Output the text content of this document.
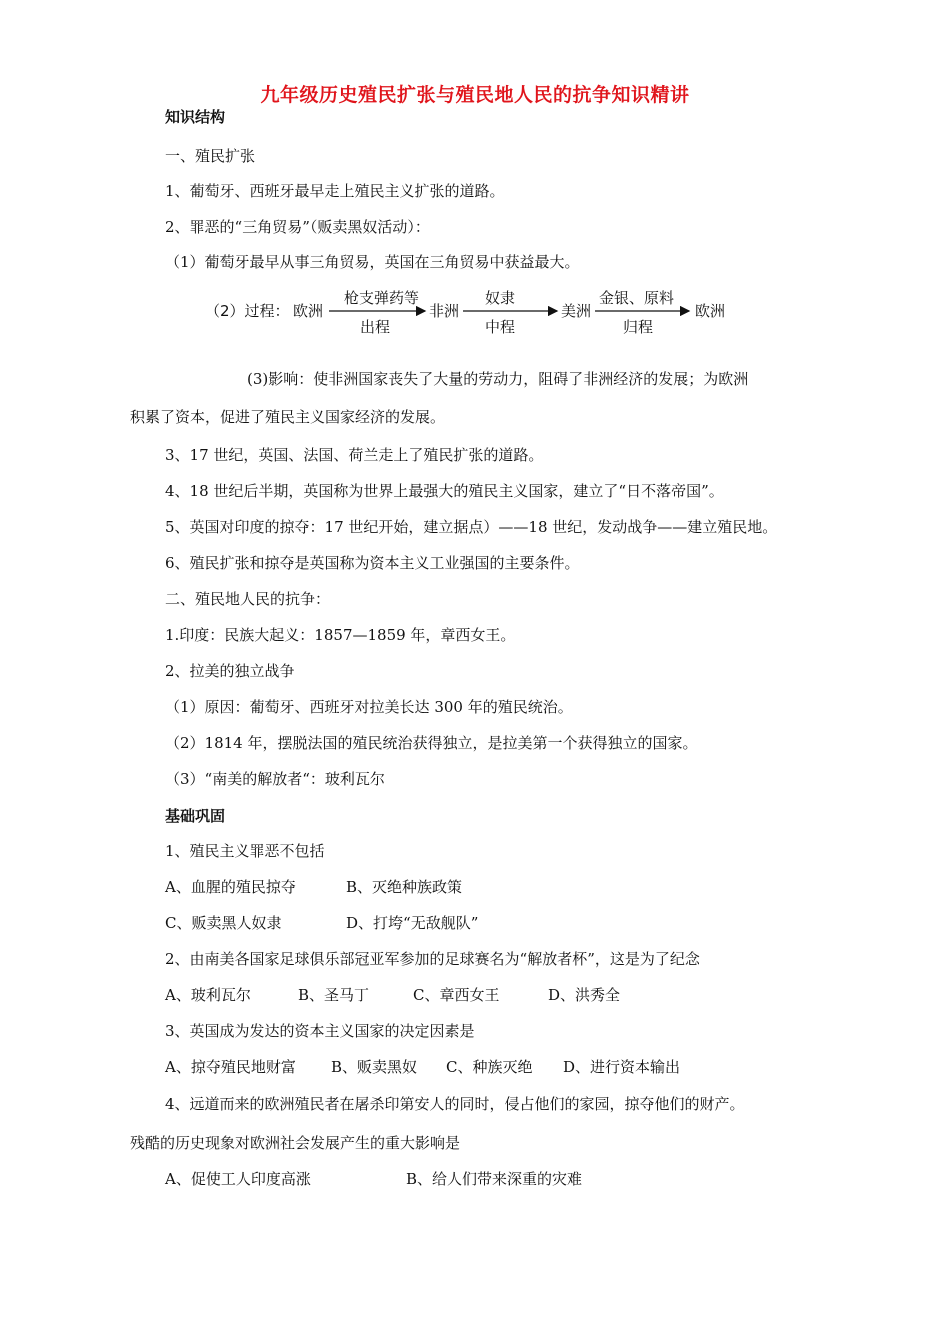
九年级历史殖民扩张与殖民地人民的抗争知识精讲
知识结构
一、殖民扩张
1、葡萄牙、西班牙最早走上殖民主义扩张的道路。
2、罪恶的“三角贸易”（贩卖黑奴活动）：
（1）葡萄牙最早从事三角贸易，英国在三角贸易中获益最大。
（2）过程： 欧洲
枪支弹药等
出程
非洲
奴隶
中程
美洲
金银、原料
归程
欧洲
(3)影响：使非洲国家丧失了大量的劳动力，阻碍了非洲经济的发展；为欧洲
积累了资本，促进了殖民主义国家经济的发展。
3、17 世纪，英国、法国、荷兰走上了殖民扩张的道路。
4、18 世纪后半期，英国称为世界上最强大的殖民主义国家，建立了“日不落帝国”。
5、英国对印度的掠夺：17 世纪开始，建立据点）——18 世纪，发动战争——建立殖民地。
6、殖民扩张和掠夺是英国称为资本主义工业强国的主要条件。
二、殖民地人民的抗争：
1.印度：民族大起义：1857—1859 年，章西女王。
2、拉美的独立战争
（1）原因：葡萄牙、西班牙对拉美长达 300 年的殖民统治。
（2）1814 年，摆脱法国的殖民统治获得独立，是拉美第一个获得独立的国家。
（3）“南美的解放者“：玻利瓦尔
基础巩固
1、殖民主义罪恶不包括
A、血腥的殖民掠夺	B、灭绝种族政策
C、贩卖黑人奴隶	D、打垮“无敌舰队”
2、由南美各国家足球俱乐部冠亚军参加的足球赛名为“解放者杯”，这是为了纪念
A、玻利瓦尔	B、圣马丁	C、章西女王	D、洪秀全
3、英国成为发达的资本主义国家的决定因素是
A、掠夺殖民地财富 B、贩卖黑奴 C、种族灭绝 D、进行资本输出
4、远道而来的欧洲殖民者在屠杀印第安人的同时，侵占他们的家园，掠夺他们的财产。
残酷的历史现象对欧洲社会发展产生的重大影响是
A、促使工人印度高涨	B、给人们带来深重的灾难
